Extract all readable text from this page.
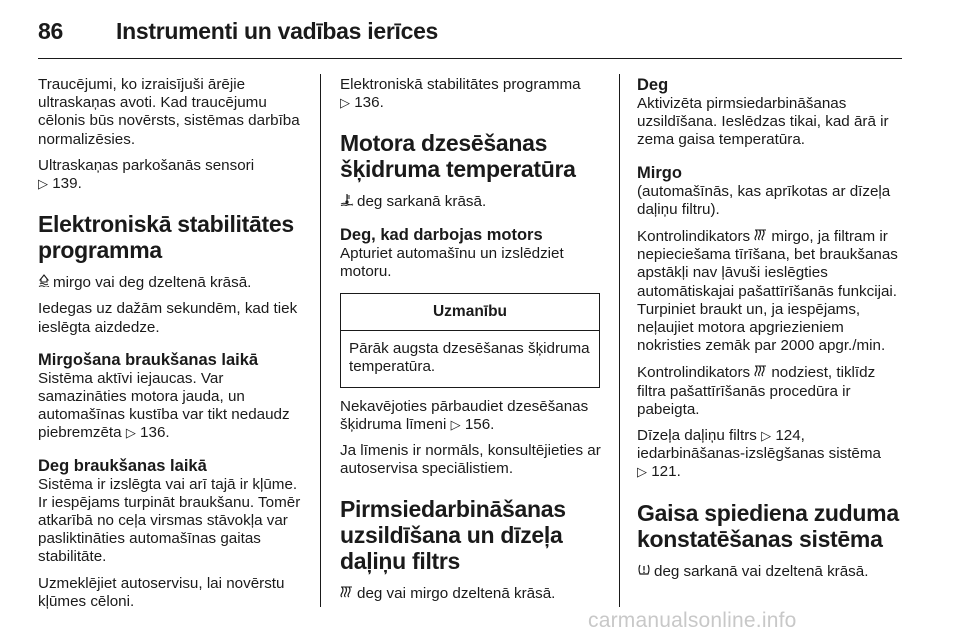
86 Instrumenti un vadības ierīces

Traucējumi, ko izraisījuši ārējie ultraskaņas avoti. Kad traucējumu cēlonis būs novērsts, sistēmas darbība normalizēsies.

Ultraskaņas parkošanās sensori
▷ 139.

Elektroniskā stabilitātes programma

mirgo vai deg dzeltenā krāsā.

Iedegas uz dažām sekundēm, kad tiek ieslēgta aizdedze.

Mirgošana braukšanas laikā

Sistēma aktīvi iejaucas. Var samazināties motora jauda, un automašīnas kustība var tikt nedaudz piebremzēta ▷ 136.

Deg braukšanas laikā

Sistēma ir izslēgta vai arī tajā ir kļūme. Ir iespējams turpināt braukšanu. Tomēr atkarībā no ceļa virsmas stāvokļa var pasliktināties automašīnas gaitas stabilitāte.

Uzmeklējiet autoservisu, lai novērstu kļūmes cēloni.

Elektroniskā stabilitātes programma
▷ 136.

Motora dzesēšanas šķidruma temperatūra

deg sarkanā krāsā.

Deg, kad darbojas motors

Apturiet automašīnu un izslēdziet motoru.

Uzmanību
Pārāk augsta dzesēšanas šķidruma temperatūra.

Nekavējoties pārbaudiet dzesēšanas šķidruma līmeni ▷ 156.

Ja līmenis ir normāls, konsultējieties ar autoservisa speciālistiem.

Pirmsiedarbināšanas uzsildīšana un dīzeļa daļiņu filtrs

deg vai mirgo dzeltenā krāsā.

Deg

Aktivizēta pirmsiedarbināšanas uzsildīšana. Ieslēdzas tikai, kad ārā ir zema gaisa temperatūra.

Mirgo

(automašīnās, kas aprīkotas ar dīzeļa daļiņu filtru).

Kontrolindikators mirgo, ja filtram ir nepieciešama tīrīšana, bet braukšanas apstākļi nav ļāvuši ieslēgties automātiskajai pašattīrīšanās funkcijai. Turpiniet braukt un, ja iespējams, neļaujiet motora apgriezieniem nokristies zemāk par 2000 apgr./min.

Kontrolindikators nodziest, tiklīdz filtra pašattīrīšanās procedūra ir pabeigta.

Dīzeļa daļiņu filtrs ▷ 124,
iedarbināšanas-izslēgšanas sistēma
▷ 121.

Gaisa spiediena zuduma konstatēšanas sistēma

deg sarkanā vai dzeltenā krāsā.

carmanualsonline.info
